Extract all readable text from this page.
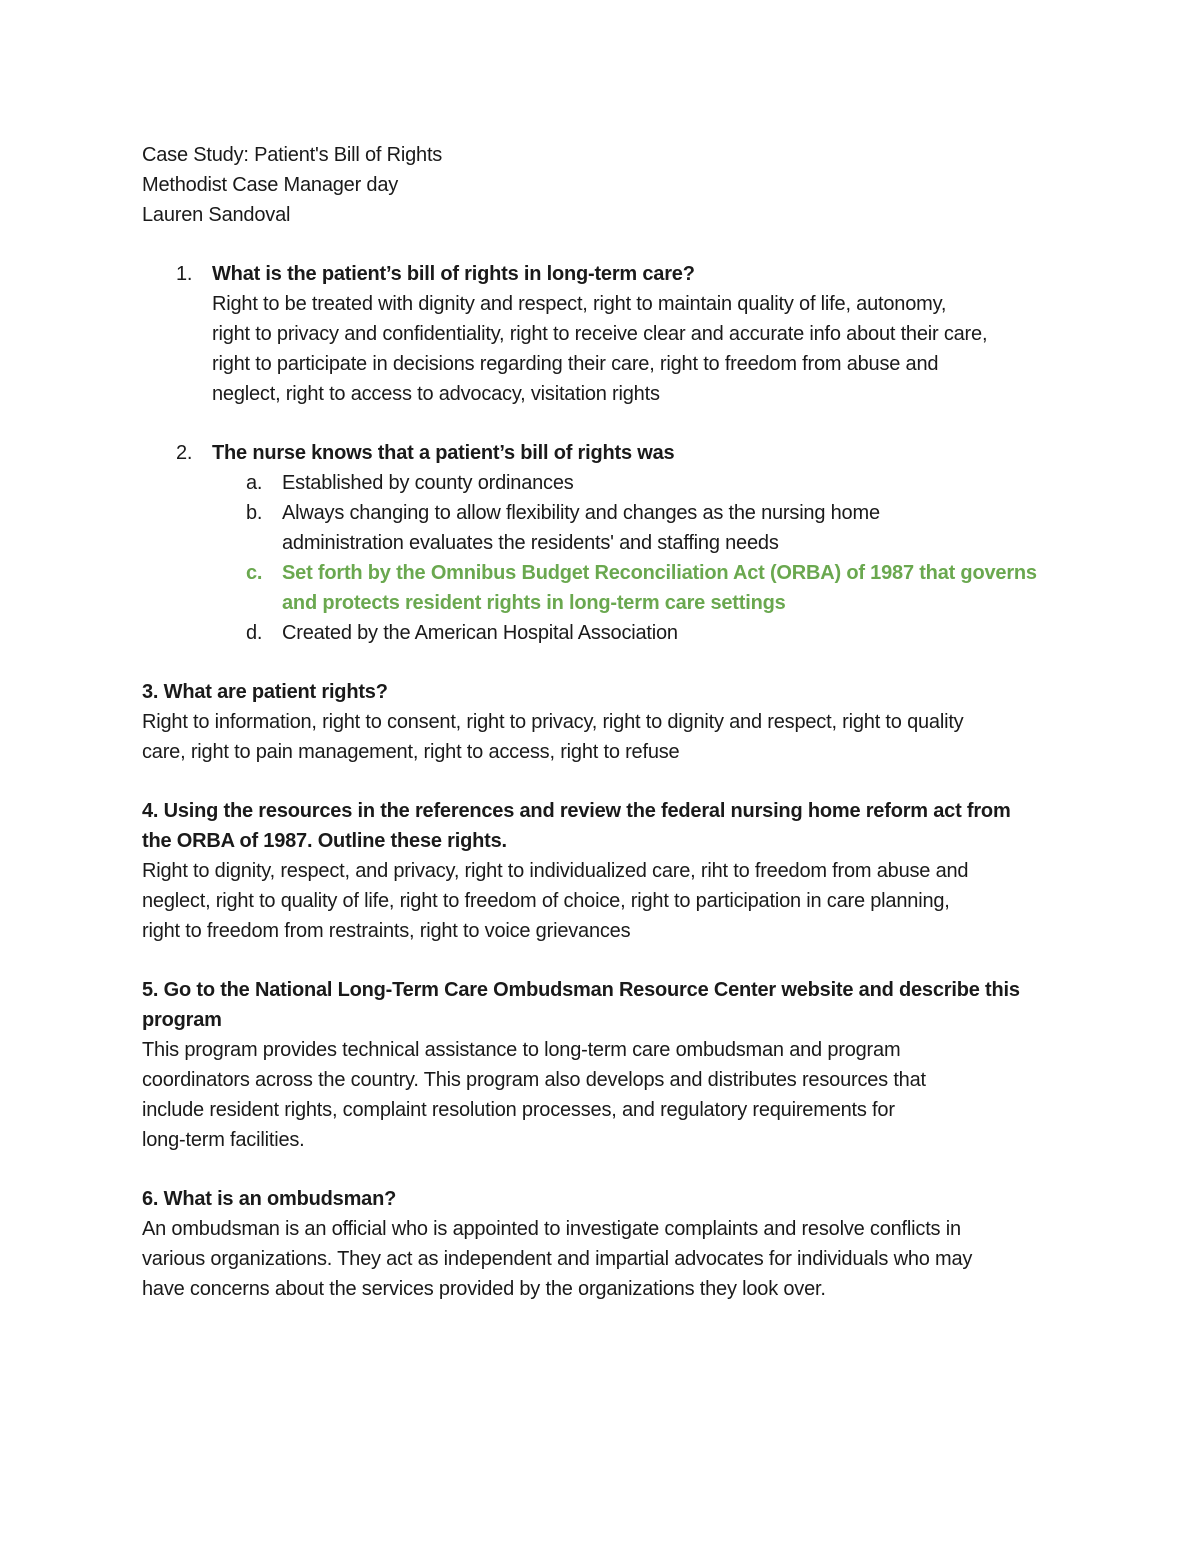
Case Study: Patient's Bill of Rights

Methodist Case Manager day

Lauren Sandoval

1. What is the patient’s bill of rights in long-term care?

Right to be treated with dignity and respect, right to maintain quality of life, autonomy,

right to privacy and confidentiality, right to receive clear and accurate info about their care,

right to participate in decisions regarding their care, right to freedom from abuse and

neglect, right to access to advocacy, visitation rights

2. The nurse knows that a patient’s bill of rights was

a. Established by county ordinances

b. Always changing to allow flexibility and changes as the nursing home

administration evaluates the residents' and staffing needs

c. Set forth by the Omnibus Budget Reconciliation Act (ORBA) of 1987 that governs

and protects resident rights in long-term care settings

d. Created by the American Hospital Association

3. What are patient rights?

Right to information, right to consent, right to privacy, right to dignity and respect, right to quality

care, right to pain management, right to access, right to refuse

4. Using the resources in the references and review the federal nursing home reform act from

the ORBA of 1987. Outline these rights.

Right to dignity, respect, and privacy, right to individualized care, riht to freedom from abuse and

neglect, right to quality of life, right to freedom of choice, right to participation in care planning,

right to freedom from restraints, right to voice grievances

5. Go to the National Long-Term Care Ombudsman Resource Center website and describe this

program

This program provides technical assistance to long-term care ombudsman and program

coordinators across the country. This program also develops and distributes resources that

include resident rights, complaint resolution processes, and regulatory requirements for

long-term facilities.

6. What is an ombudsman?

An ombudsman is an official who is appointed to investigate complaints and resolve conflicts in

various organizations. They act as independent and impartial advocates for individuals who may

have concerns about the services provided by the organizations they look over.
